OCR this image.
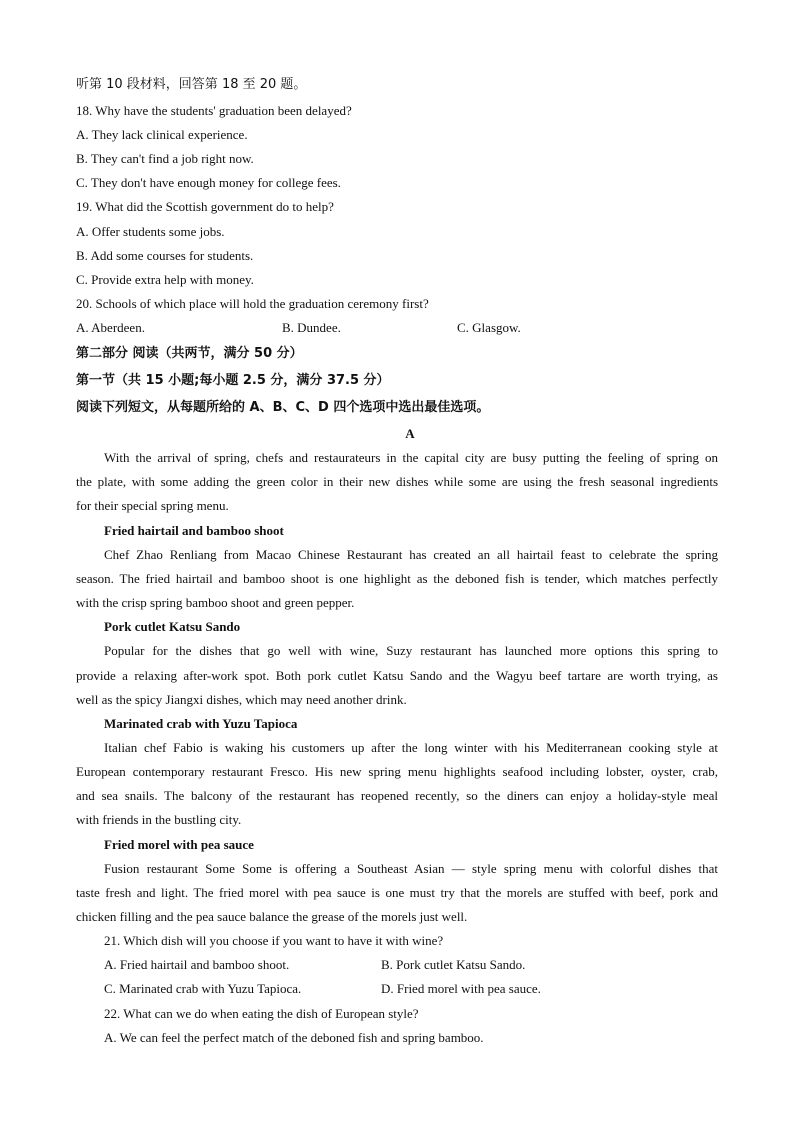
听第 10 段材料，回答第 18 至 20 题。
18. Why have the students' graduation been delayed?
A. They lack clinical experience.
B. They can't find a job right now.
C. They don't have enough money for college fees.
19. What did the Scottish government do to help?
A. Offer students some jobs.
B. Add some courses for students.
C. Provide extra help with money.
20. Schools of which place will hold the graduation ceremony first?
A. Aberdeen.	B. Dundee.	C. Glasgow.
第二部分 阅读（共两节，满分 50 分）
第一节（共 15 小题;每小题 2.5 分，满分 37.5 分）
阅读下列短文，从每题所给的 A、B、C、D 四个选项中选出最佳选项。
A
With the arrival of spring, chefs and restaurateurs in the capital city are busy putting the feeling of spring on
the plate, with some adding the green color in their new dishes while some are using the fresh seasonal ingredients
for their special spring menu.
Fried hairtail and bamboo shoot
Chef Zhao Renliang from Macao Chinese Restaurant has created an all hairtail feast to celebrate the spring
season. The fried hairtail and bamboo shoot is one highlight as the deboned fish is tender, which matches perfectly
with the crisp spring bamboo shoot and green pepper.
Pork cutlet Katsu Sando
Popular for the dishes that go well with wine, Suzy restaurant has launched more options this spring to
provide a relaxing after-work spot. Both pork cutlet Katsu Sando and the Wagyu beef tartare are worth trying, as
well as the spicy Jiangxi dishes, which may need another drink.
Marinated crab with Yuzu Tapioca
Italian chef Fabio is waking his customers up after the long winter with his Mediterranean cooking style at
European contemporary restaurant Fresco. His new spring menu highlights seafood including lobster, oyster, crab,
and sea snails. The balcony of the restaurant has reopened recently, so the diners can enjoy a holiday-style meal
with friends in the bustling city.
Fried morel with pea sauce
Fusion restaurant Some Some is offering a Southeast Asian — style spring menu with colorful dishes that
taste fresh and light. The fried morel with pea sauce is one must try that the morels are stuffed with beef, pork and
chicken filling and the pea sauce balance the grease of the morels just well.
21. Which dish will you choose if you want to have it with wine?
A. Fried hairtail and bamboo shoot.	B. Pork cutlet Katsu Sando.
C. Marinated crab with Yuzu Tapioca.	D. Fried morel with pea sauce.
22. What can we do when eating the dish of European style?
A. We can feel the perfect match of the deboned fish and spring bamboo.
